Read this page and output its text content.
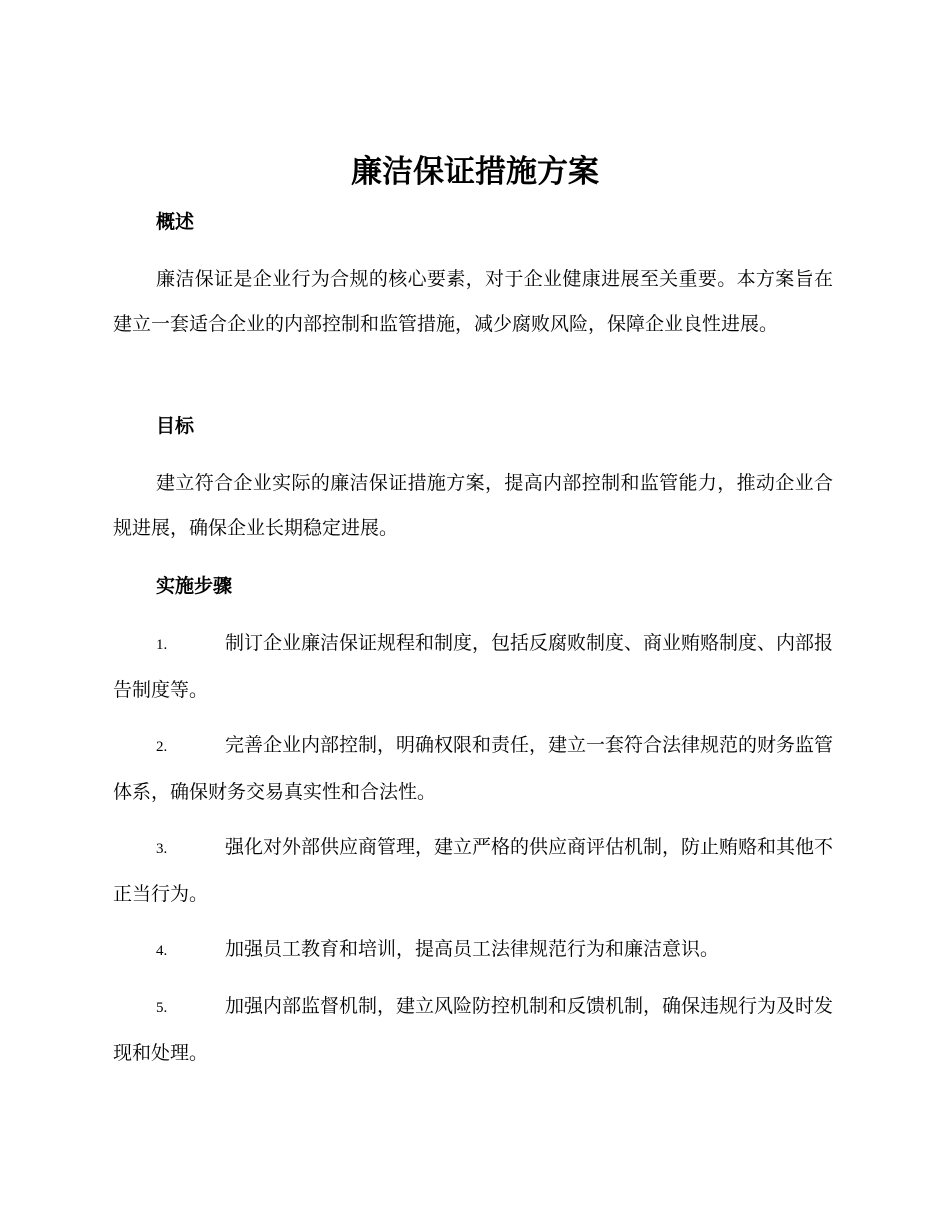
廉洁保证措施方案
概述

廉洁保证是企业行为合规的核心要素，对于企业健康进展至关重要。本方案旨在建立一套适合企业的内部控制和监管措施，减少腐败风险，保障企业良性进展。

目标

建立符合企业实际的廉洁保证措施方案，提高内部控制和监管能力，推动企业合规进展，确保企业长期稳定进展。

实施步骤
1.	制订企业廉洁保证规程和制度，包括反腐败制度、商业贿赂制度、内部报告制度等。
2.	完善企业内部控制，明确权限和责任，建立一套符合法律规范的财务监管体系，确保财务交易真实性和合法性。
3.	强化对外部供应商管理，建立严格的供应商评估机制，防止贿赂和其他不正当行为。
4.	加强员工教育和培训，提高员工法律规范行为和廉洁意识。
5.	加强内部监督机制，建立风险防控机制和反馈机制，确保违规行为及时发现和处理。
